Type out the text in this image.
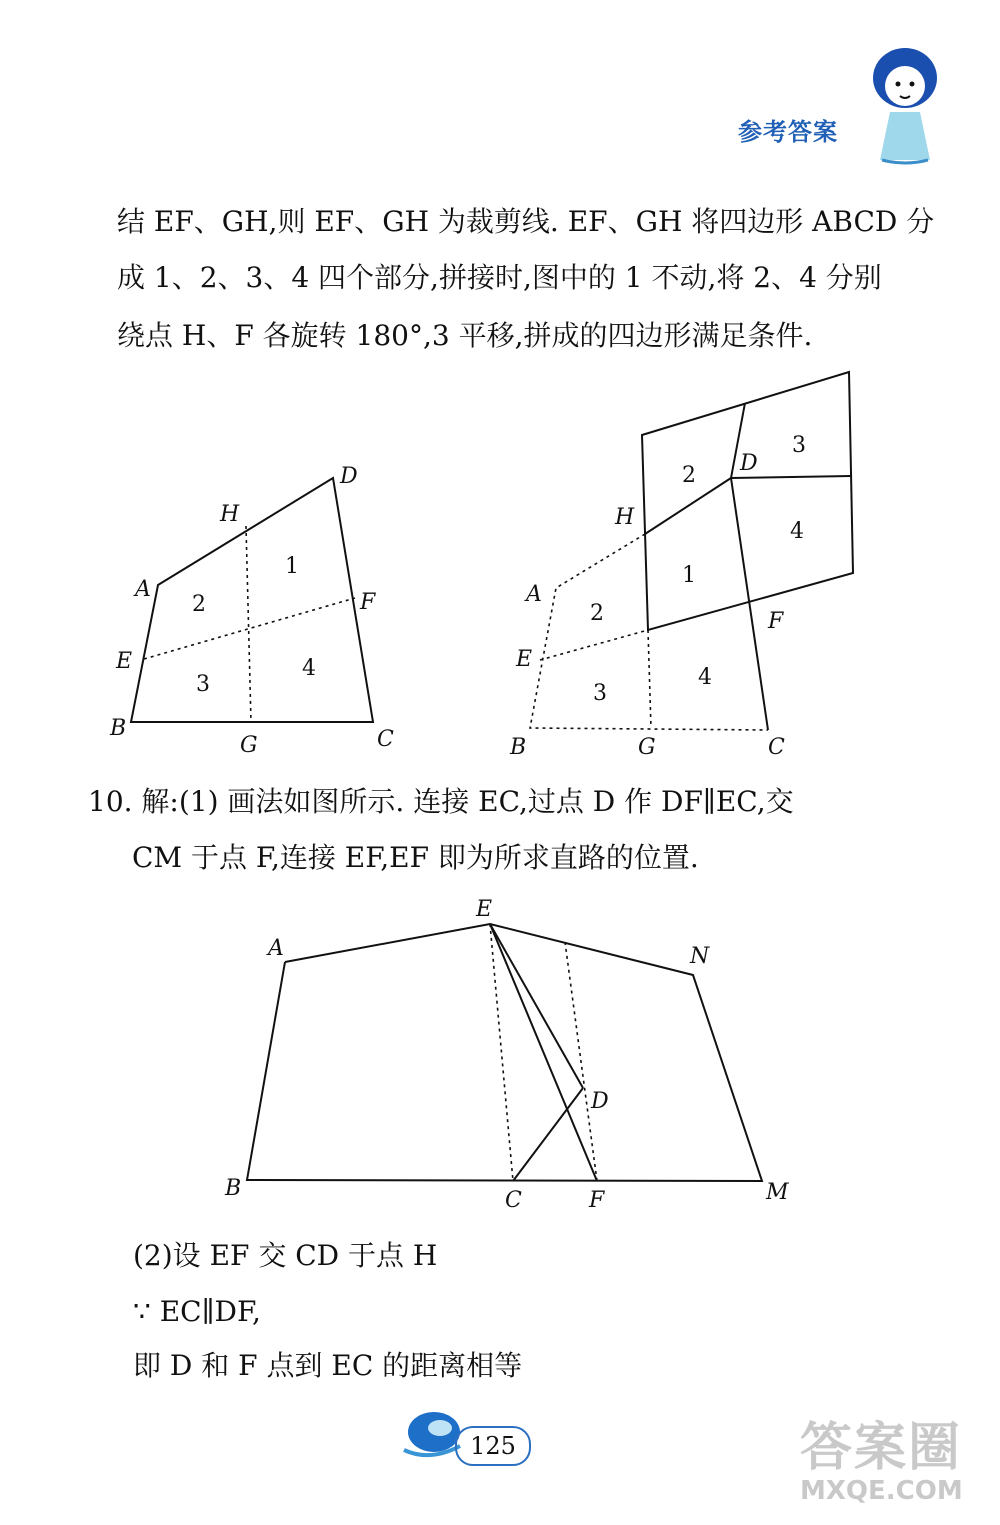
参考答案
结 EF、GH,则 EF、GH 为裁剪线. EF、GH 将四边形 ABCD 分
成 1、2、3、4 四个部分,拼接时,图中的 1 不动,将 2、4 分别
绕点 H、F 各旋转 180°,3 平移,拼成的四边形满足条件.
A
B	C
D
E
F
G
H
1
2
3
4
A
B	C
D
E
F
G
H
2
3
4
1
2
3
4
10. 解:(1) 画法如图所示. 连接 EC,过点 D 作 DF∥EC,交
CM 于点 F,连接 EF,EF 即为所求直路的位置.
A
B	C
D
E
F	M
N
(2)设 EF 交 CD 于点 H
∵ EC∥DF,
即 D 和 F 点到 EC 的距离相等
125	答案圈
MXQE.COM
